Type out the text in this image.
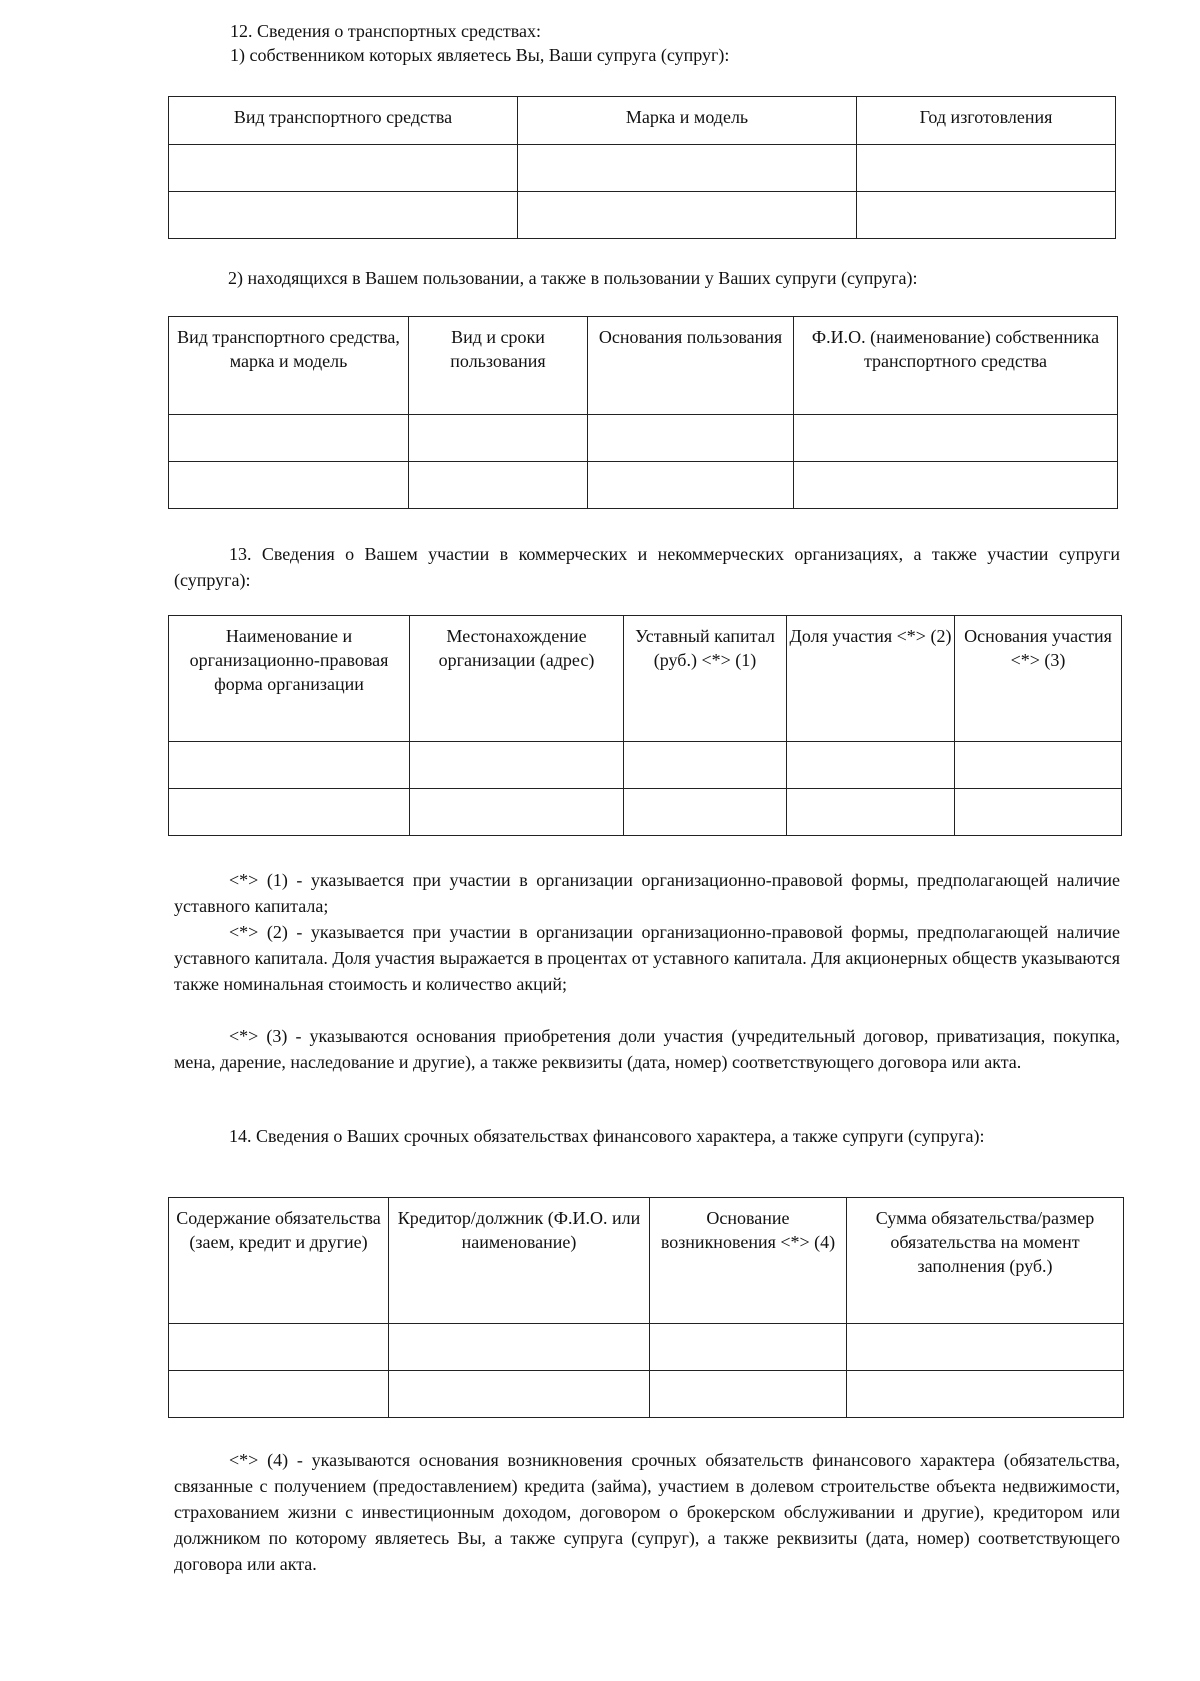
12. Сведения о транспортных средствах:

1) собственником которых являетесь Вы, Ваши супруга (супруг):

Вид транспортного средства	Марка и модель	Год изготовления

2) находящихся в Вашем пользовании, а также в пользовании у Ваших супруги (супруга):

Вид транспортного средства, марка и модель	Вид и сроки пользования	Основания пользования	Ф.И.О. (наименование) собственника транспортного средства

13. Сведения о Вашем участии в коммерческих и некоммерческих организациях, а также участии супруги (супруга):

Наименование и организационно-правовая форма организации	Местонахождение организации (адрес)	Уставный капитал (руб.) <*> (1)	Доля участия <*> (2)	Основания участия <*> (3)

<*> (1) - указывается при участии в организации организационно-правовой формы, предполагающей наличие уставного капитала;
<*> (2) - указывается при участии в организации организационно-правовой формы, предполагающей наличие уставного капитала. Доля участия выражается в процентах от уставного капитала. Для акционерных обществ указываются также номинальная стоимость и количество акций;
<*> (3) - указываются основания приобретения доли участия (учредительный договор, приватизация, покупка, мена, дарение, наследование и другие), а также реквизиты (дата, номер) соответствующего договора или акта.

14. Сведения о Ваших срочных обязательствах финансового характера, а также супруги (супруга):

Содержание обязательства (заем, кредит и другие)	Кредитор/должник (Ф.И.О. или наименование)	Основание возникновения <*> (4)	Сумма обязательства/размер обязательства на момент заполнения (руб.)

<*> (4) - указываются основания возникновения срочных обязательств финансового характера (обязательства, связанные с получением (предоставлением) кредита (займа), участием в долевом строительстве объекта недвижимости, страхованием жизни с инвестиционным доходом, договором о брокерском обслуживании и другие), кредитором или должником по которому являетесь Вы, а также супруга (супруг), а также реквизиты (дата, номер) соответствующего договора или акта.
